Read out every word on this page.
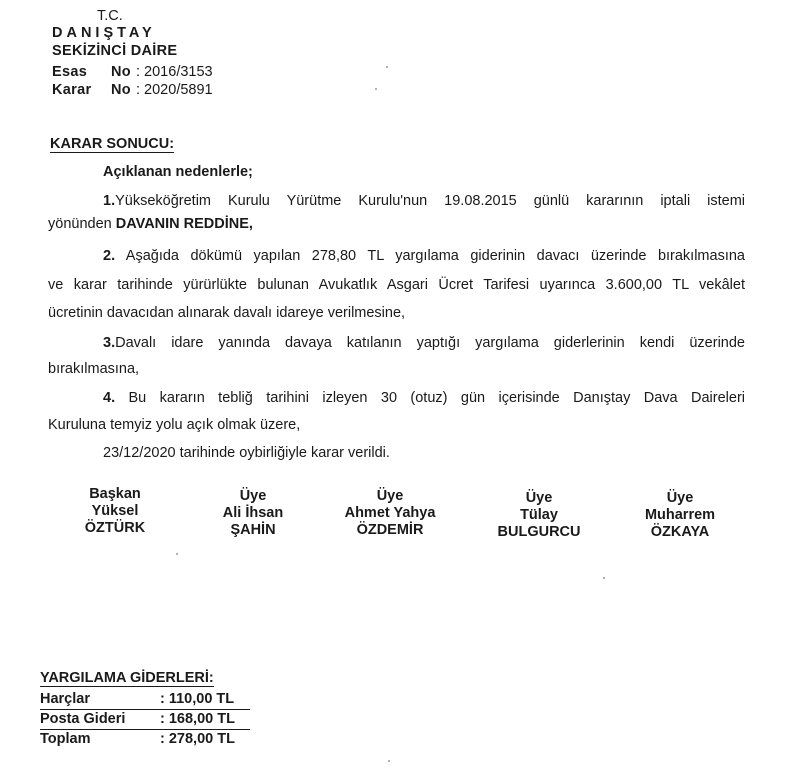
T.C.
DANIŞTAY
SEKİZİNCİ DAİRE
Esas No : 2016/3153
Karar No : 2020/5891
KARAR SONUCU:
Açıklanan nedenlerle;
1.Yükseköğretim Kurulu Yürütme Kurulu'nun 19.08.2015 günlü kararının iptali istemi
yönünden DAVANIN REDDİNE,
2. Aşağıda dökümü yapılan 278,80 TL yargılama giderinin davacı üzerinde bırakılmasına
ve karar tarihinde yürürlükte bulunan Avukatlık Asgari Ücret Tarifesi uyarınca 3.600,00 TL vekâlet
ücretinin davacıdan alınarak davalı idareye verilmesine,
3.Davalı idare yanında davaya katılanın yaptığı yargılama giderlerinin kendi üzerinde
bırakılmasına,
4. Bu kararın tebliğ tarihini izleyen 30 (otuz) gün içerisinde Danıştay Dava Daireleri
Kuruluna temyiz yolu açık olmak üzere,
23/12/2020 tarihinde oybirliğiyle karar verildi.
Başkan
Yüksel
ÖZTÜRK
Üye
Ali İhsan
ŞAHİN
Üye
Ahmet Yahya
ÖZDEMİR
Üye
Tülay
BULGURCU
Üye
Muharrem
ÖZKAYA
YARGILAMA GİDERLERİ:
Harçlar	: 110,00 TL
Posta Gideri : 168,00 TL
Toplam	: 278,00 TL
